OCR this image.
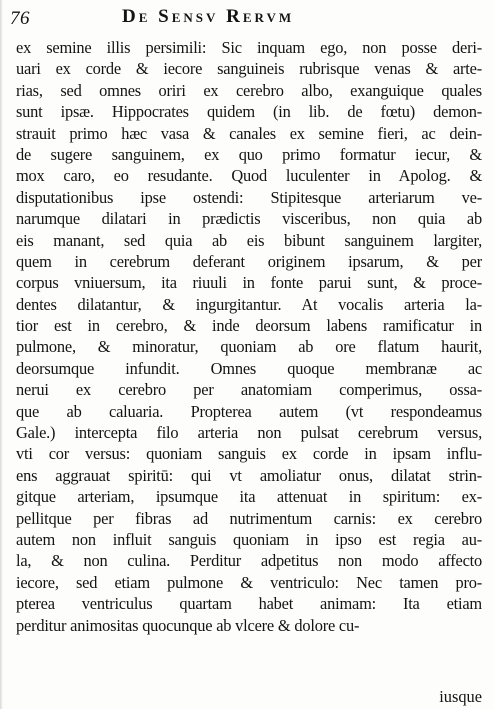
76	De Sensv Rervm
ex semine illis persimili: Sic inquam ego, non posse deri-
uari ex corde & iecore sanguineis rubrisque venas & arte-
rias, sed omnes oriri ex cerebro albo, exanguique quales
sunt ipsæ. Hippocrates quidem (in lib. de fœtu) demon-
strauit primo hæc vasa & canales ex semine fieri, ac dein-
de sugere sanguinem, ex quo primo formatur iecur, &
mox caro, eo resudante. Quod luculenter in Apolog. &
disputationibus ipse ostendi: Stipitesque arteriarum ve-
narumque dilatari in prædictis visceribus, non quia ab
eis manant, sed quia ab eis bibunt sanguinem largiter,
quem in cerebrum deferant originem ipsarum, & per
corpus vniuersum, ita riuuli in fonte parui sunt, & proce-
dentes dilatantur, & ingurgitantur. At vocalis arteria la-
tior est in cerebro, & inde deorsum labens ramificatur in
pulmone, & minoratur, quoniam ab ore flatum haurit,
deorsumque infundit. Omnes quoque membranæ ac
nerui ex cerebro per anatomiam comperimus, ossa-
que ab caluaria. Propterea autem (vt respondeamus
Gale.) intercepta filo arteria non pulsat cerebrum versus,
vti cor versus: quoniam sanguis ex corde in ipsam influ-
ens aggrauat spiritū: qui vt amoliatur onus, dilatat strin-
gitque arteriam, ipsumque ita attenuat in spiritum: ex-
pellitque per fibras ad nutrimentum carnis: ex cerebro
autem non influit sanguis quoniam in ipso est regia au-
la, & non culina. Perditur adpetitus non modo affecto
iecore, sed etiam pulmone & ventriculo: Nec tamen pro-
pterea ventriculus quartam habet animam: Ita etiam
perditur animositas quocunque ab vlcere & dolore cu-
iusque
